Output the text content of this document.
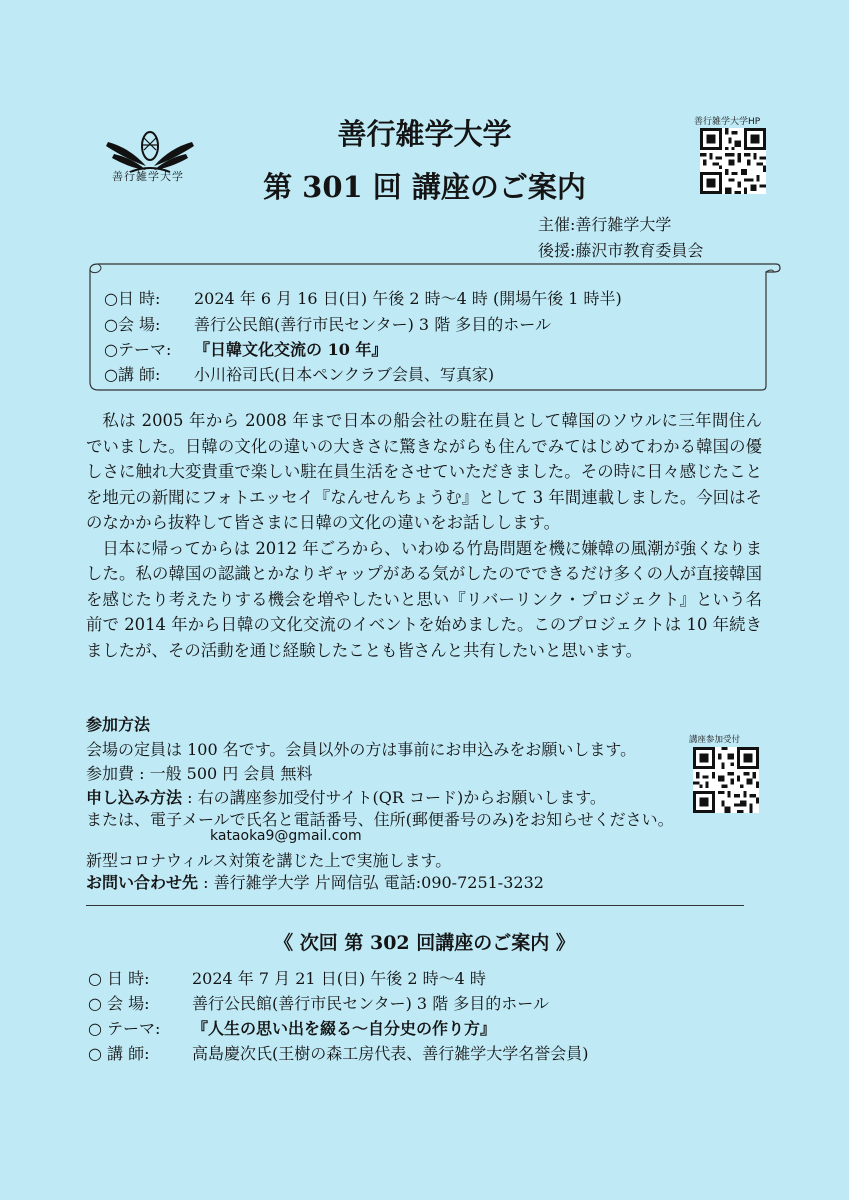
善行雑学大学
善行雑学大学
第 301 回 講座のご案内
善行雑学大学HP
主催:善行雑学大学
後援:藤沢市教育委員会
○日 時: 2024 年 6 月 16 日(日) 午後 2 時～4 時 (開場午後 1 時半)
○会 場: 善行公民館(善行市民センター) 3 階 多目的ホール
○テーマ: 『日韓文化交流の 10 年』
○講 師: 小川裕司氏(日本ペンクラブ会員、写真家)

私は 2005 年から 2008 年まで日本の船会社の駐在員として韓国のソウルに三年間住んでいました。日韓の文化の違いの大きさに驚きながらも住んでみてはじめてわかる韓国の優しさに触れ大変貴重で楽しい駐在員生活をさせていただきました。その時に日々感じたことを地元の新聞にフォトエッセイ『なんせんちょうむ』として 3 年間連載しました。今回はそのなかから抜粋して皆さまに日韓の文化の違いをお話しします。

日本に帰ってからは 2012 年ごろから、いわゆる竹島問題を機に嫌韓の風潮が強くなりました。私の韓国の認識とかなりギャップがある気がしたのでできるだけ多くの人が直接韓国を感じたり考えたりする機会を増やしたいと思い『リバーリンク・プロジェクト』という名前で 2014 年から日韓の文化交流のイベントを始めました。このプロジェクトは 10 年続きましたが、その活動を通じ経験したことも皆さんと共有したいと思います。

参加方法
会場の定員は 100 名です。会員以外の方は事前にお申込みをお願いします。
参加費 : 一般 500 円 会員 無料
申し込み方法 : 右の講座参加受付サイト(QR コード)からお願いします。
または、電子メールで氏名と電話番号、住所(郵便番号のみ)をお知らせください。
kataoka9@gmail.com
新型コロナウィルス対策を講じた上で実施します。
お問い合わせ先 : 善行雑学大学 片岡信弘 電話:090-7251-3232
講座参加受付
《 次回 第 302 回講座のご案内 》
○ 日 時:	2024 年 7 月 21 日(日) 午後 2 時～4 時
○ 会 場:	善行公民館(善行市民センター) 3 階 多目的ホール
○ テーマ: 『人生の思い出を綴る～自分史の作り方』
○ 講 師:	高島慶次氏(王樹の森工房代表、善行雑学大学名誉会員)
